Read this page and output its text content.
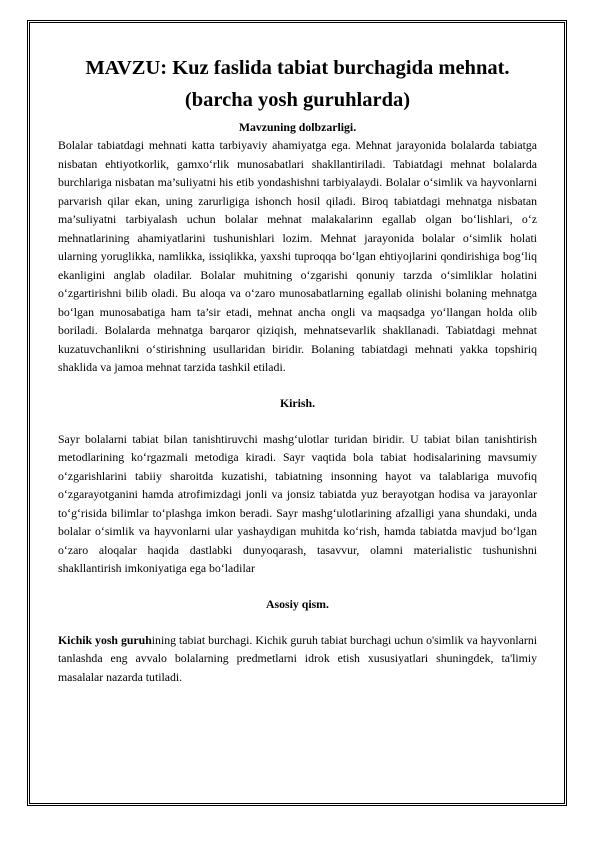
MAVZU: Kuz faslida tabiat burchagida mehnat.
(barcha yosh guruhlarda)
Mavzuning dolbzarligi.

Bolalar tabiatdagi mehnati katta tarbiyaviy ahamiyatga ega. Mehnat jarayonida bolalarda tabiatga nisbatan ehtiyotkorlik, gamxo‘rlik munosabatlari shakllantiriladi. Tabiatdagi mehnat bolalarda burchlariga nisbatan ma’suliyatni his etib yondashishni tarbiyalaydi. Bolalar o‘simlik va hayvonlarni parvarish qilar ekan, uning zarurligiga ishonch hosil qiladi. Biroq tabiatdagi mehnatga nisbatan ma’suliyatni tarbiyalash uchun bolalar mehnat malakalarinn egallab olgan bo‘lishlari, o‘z mehnatlarining ahamiyatlarini tushunishlari lozim. Mehnat jarayonida bolalar o‘simlik holati ularning yoruglikka, namlikka, issiqlikka, yaxshi tuproqqa bo‘lgan ehtiyojlarini qondirishiga bog‘liq ekanligini anglab oladilar. Bolalar muhitning o‘zgarishi qonuniy tarzda o‘simliklar holatini o‘zgartirishni bilib oladi. Bu aloqa va o‘zaro munosabatlarning egallab olinishi bolaning mehnatga bo‘lgan munosabatiga ham ta’sir etadi, mehnat ancha ongli va maqsadga yo‘llangan holda olib boriladi. Bolalarda mehnatga barqaror qiziqish, mehnatsevarlik shakllanadi. Tabiatdagi mehnat kuzatuvchanlikni o‘stirishning usullaridan biridir. Bolaning tabiatdagi mehnati yakka topshiriq shaklida va jamoa mehnat tarzida tashkil etiladi.

Kirish.

Sayr bolalarni tabiat bilan tanishtiruvchi mashg‘ulotlar turidan biridir. U tabiat bilan tanishtirish metodlarining ko‘rgazmali metodiga kiradi. Sayr vaqtida bola tabiat hodisalarining mavsumiy o‘zgarishlarini tabiiy sharoitda kuzatishi, tabiatning insonning hayot va talablariga muvofiq o‘zgarayotganini hamda atrofimizdagi jonli va jonsiz tabiatda yuz berayotgan hodisa va jarayonlar to‘g‘risida bilimlar to‘plashga imkon beradi. Sayr mashg‘ulotlarining afzalligi yana shundaki, unda bolalar o‘simlik va hayvonlarni ular yashaydigan muhitda ko‘rish, hamda tabiatda mavjud bo‘lgan o‘zaro aloqalar haqida dastlabki dunyoqarash, tasavvur, olamni materialistic tushunishni shakllantirish imkoniyatiga ega bo‘ladilar

Asosiy qism.

Kichik yosh guruhining tabiat burchagi. Kichik guruh tabiat burchagi uchun o'simlik va hayvonlarni tanlashda eng avvalo bolalarning predmetlarni idrok etish xususiyatlari shuningdek, ta'limiy masalalar nazarda tutiladi.
